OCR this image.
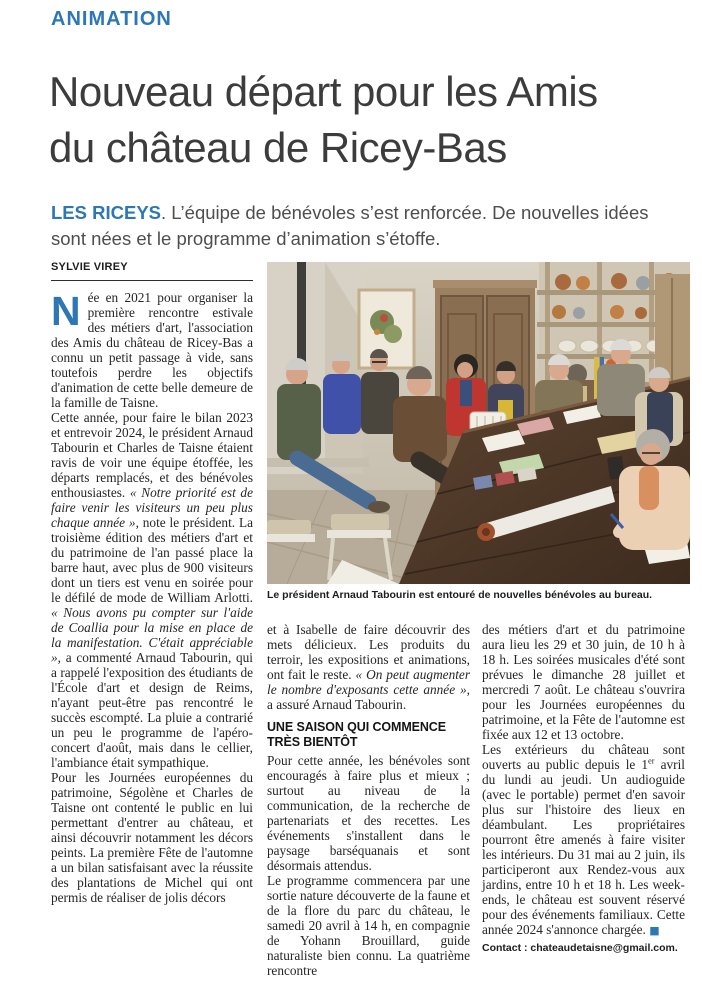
ANIMATION
Nouveau départ pour les Amis
du château de Ricey-Bas
LES RICEYS. L’équipe de bénévoles s’est renforcée. De nouvelles idées sont nées et le programme d’animation s’étoffe.
SYLVIE VIREY
Le président Arnaud Tabourin est entouré de nouvelles bénévoles au bureau.

Née en 2021 pour organiser la première rencontre estivale des métiers d'art, l'association des Amis du château de Ricey-Bas a connu un petit passage à vide, sans toutefois perdre les objectifs d'animation de cette belle demeure de la famille de Taisne.

Cette année, pour faire le bilan 2023 et entrevoir 2024, le président Arnaud Tabourin et Charles de Taisne étaient ravis de voir une équipe étoffée, les départs remplacés, et des bénévoles enthousiastes. « Notre priorité est de faire venir les visiteurs un peu plus chaque année », note le président. La troisième édition des métiers d'art et du patrimoine de l'an passé place la barre haut, avec plus de 900 visiteurs dont un tiers est venu en soirée pour le défilé de mode de William Arlotti. « Nous avons pu compter sur l'aide de Coallia pour la mise en place de la manifestation. C'était appréciable », a commenté Arnaud Tabourin, qui a rappelé l'exposition des étudiants de l'École d'art et design de Reims, n'ayant peut-être pas rencontré le succès escompté. La pluie a contrarié un peu le programme de l'apéro-concert d'août, mais dans le cellier, l'ambiance était sympathique.

Pour les Journées européennes du patrimoine, Ségolène et Charles de Taisne ont contenté le public en lui permettant d'entrer au château, et ainsi découvrir notamment les décors peints. La première Fête de l'automne a un bilan satisfaisant avec la réussite des plantations de Michel qui ont permis de réaliser de jolis décors

et à Isabelle de faire découvrir des mets délicieux. Les produits du terroir, les expositions et animations, ont fait le reste. « On peut augmenter le nombre d'exposants cette année », a assuré Arnaud Tabourin.

UNE SAISON QUI COMMENCE TRÈS BIENTÔT

Pour cette année, les bénévoles sont encouragés à faire plus et mieux ; surtout au niveau de la communication, de la recherche de partenariats et des recettes. Les événements s'installent dans le paysage barséquanais et sont désormais attendus.

Le programme commencera par une sortie nature découverte de la faune et de la flore du parc du château, le samedi 20 avril à 14 h, en compagnie de Yohann Brouillard, guide naturaliste bien connu. La quatrième rencontre

des métiers d'art et du patrimoine aura lieu les 29 et 30 juin, de 10 h à 18 h. Les soirées musicales d'été sont prévues le dimanche 28 juillet et mercredi 7 août. Le château s'ouvrira pour les Journées européennes du patrimoine, et la Fête de l'automne est fixée aux 12 et 13 octobre.

Les extérieurs du château sont ouverts au public depuis le 1er avril du lundi au jeudi. Un audioguide (avec le portable) permet d'en savoir plus sur l'histoire des lieux en déambulant. Les propriétaires pourront être amenés à faire visiter les intérieurs. Du 31 mai au 2 juin, ils participeront aux Rendez-vous aux jardins, entre 10 h et 18 h. Les week-ends, le château est souvent réservé pour des événements familiaux. Cette année 2024 s'annonce chargée. ■

Contact : chateaudetaisne@gmail.com.
